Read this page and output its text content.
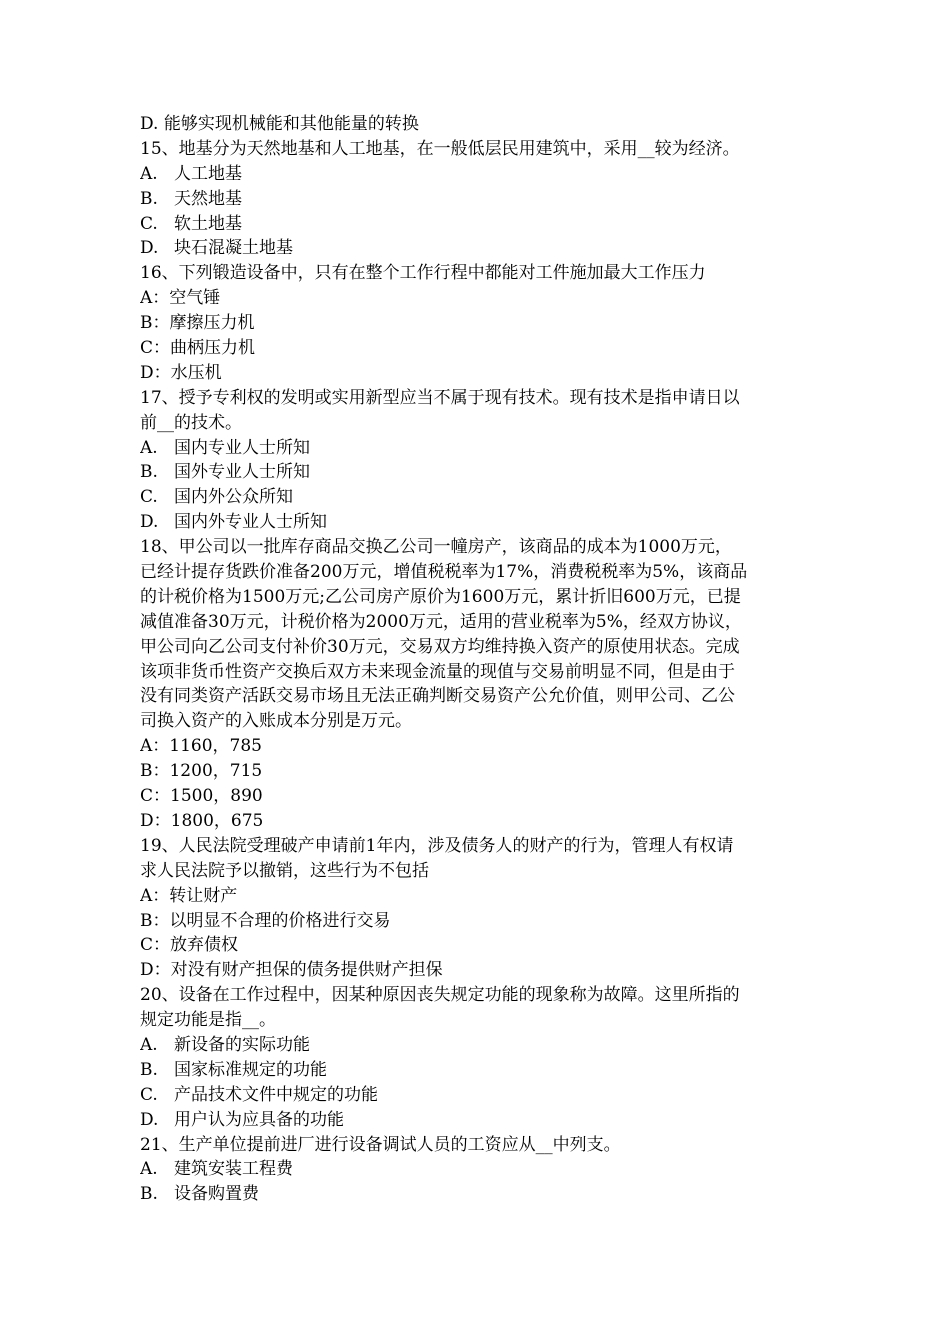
D. 能够实现机械能和其他能量的转换
15、地基分为天然地基和人工地基，在一般低层民用建筑中，采用__较为经济。
A. 人工地基
B. 天然地基
C. 软土地基
D. 块石混凝土地基
16、下列锻造设备中，只有在整个工作行程中都能对工件施加最大工作压力
A：空气锤
B：摩擦压力机
C：曲柄压力机
D：水压机
17、授予专利权的发明或实用新型应当不属于现有技术。现有技术是指申请日以
前__的技术。
A. 国内专业人士所知
B. 国外专业人士所知
C. 国内外公众所知
D. 国内外专业人士所知
18、甲公司以一批库存商品交换乙公司一幢房产，该商品的成本为1000万元，
已经计提存货跌价准备200万元，增值税税率为17%，消费税税率为5%，该商品
的计税价格为1500万元;乙公司房产原价为1600万元，累计折旧600万元，已提
减值准备30万元，计税价格为2000万元，适用的营业税率为5%，经双方协议，
甲公司向乙公司支付补价30万元，交易双方均维持换入资产的原使用状态。完成
该项非货币性资产交换后双方未来现金流量的现值与交易前明显不同，但是由于
没有同类资产活跃交易市场且无法正确判断交易资产公允价值，则甲公司、乙公
司换入资产的入账成本分别是万元。
A：1160，785
B：1200，715
C：1500，890
D：1800，675
19、人民法院受理破产申请前1年内，涉及债务人的财产的行为，管理人有权请
求人民法院予以撤销，这些行为不包括
A：转让财产
B：以明显不合理的价格进行交易
C：放弃债权
D：对没有财产担保的债务提供财产担保
20、设备在工作过程中，因某种原因丧失规定功能的现象称为故障。这里所指的
规定功能是指__。
A. 新设备的实际功能
B. 国家标准规定的功能
C. 产品技术文件中规定的功能
D. 用户认为应具备的功能
21、生产单位提前进厂进行设备调试人员的工资应从__中列支。
A. 建筑安装工程费
B. 设备购置费
